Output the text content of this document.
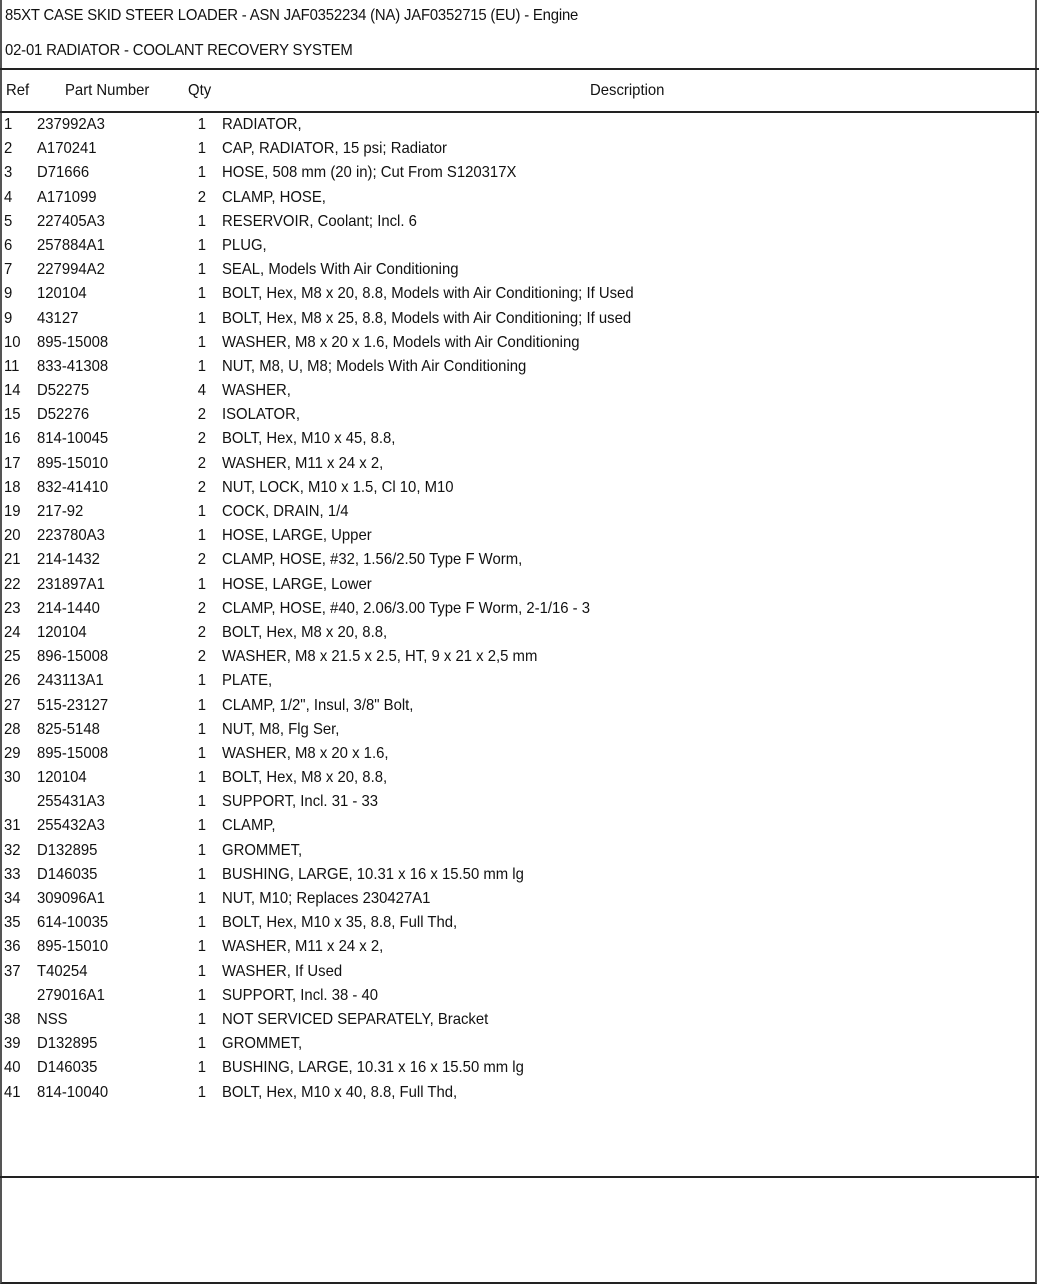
85XT CASE SKID STEER LOADER - ASN JAF0352234 (NA) JAF0352715 (EU) - Engine
02-01 RADIATOR - COOLANT RECOVERY SYSTEM
Ref Part Number Qty	Description
1 237992A3	1 RADIATOR,
2 A170241	1 CAP, RADIATOR, 15 psi; Radiator
3 D71666	1 HOSE, 508 mm (20 in); Cut From S120317X
4 A171099	2 CLAMP, HOSE,
5 227405A3	1 RESERVOIR, Coolant; Incl. 6
6 257884A1	1 PLUG,
7 227994A2	1 SEAL, Models With Air Conditioning
9 120104	1 BOLT, Hex, M8 x 20, 8.8, Models with Air Conditioning; If Used
9 43127	1 BOLT, Hex, M8 x 25, 8.8, Models with Air Conditioning; If used
10 895-15008	1 WASHER, M8 x 20 x 1.6, Models with Air Conditioning
11 833-41308	1 NUT, M8, U, M8; Models With Air Conditioning
14 D52275	4 WASHER,
15 D52276	2 ISOLATOR,
16 814-10045	2 BOLT, Hex, M10 x 45, 8.8,
17 895-15010	2 WASHER, M11 x 24 x 2,
18 832-41410	2 NUT, LOCK, M10 x 1.5, Cl 10, M10
19 217-92	1 COCK, DRAIN, 1/4
20 223780A3	1 HOSE, LARGE, Upper
21 214-1432	2 CLAMP, HOSE, #32, 1.56/2.50 Type F Worm,
22 231897A1	1 HOSE, LARGE, Lower
23 214-1440	2 CLAMP, HOSE, #40, 2.06/3.00 Type F Worm, 2-1/16 - 3
24 120104	2 BOLT, Hex, M8 x 20, 8.8,
25 896-15008	2 WASHER, M8 x 21.5 x 2.5, HT, 9 x 21 x 2,5 mm
26 243113A1	1 PLATE,
27 515-23127	1 CLAMP, 1/2", Insul, 3/8" Bolt,
28 825-5148	1 NUT, M8, Flg Ser,
29 895-15008	1 WASHER, M8 x 20 x 1.6,
30 120104	1 BOLT, Hex, M8 x 20, 8.8,
255431A3	1 SUPPORT, Incl. 31 - 33
31 255432A3	1 CLAMP,
32 D132895	1 GROMMET,
33 D146035	1 BUSHING, LARGE, 10.31 x 16 x 15.50 mm lg
34 309096A1	1 NUT, M10; Replaces 230427A1
35 614-10035	1 BOLT, Hex, M10 x 35, 8.8, Full Thd,
36 895-15010	1 WASHER, M11 x 24 x 2,
37 T40254	1 WASHER, If Used
279016A1	1 SUPPORT, Incl. 38 - 40
38 NSS	1 NOT SERVICED SEPARATELY, Bracket
39 D132895	1 GROMMET,
40 D146035	1 BUSHING, LARGE, 10.31 x 16 x 15.50 mm lg
41 814-10040	1 BOLT, Hex, M10 x 40, 8.8, Full Thd,
